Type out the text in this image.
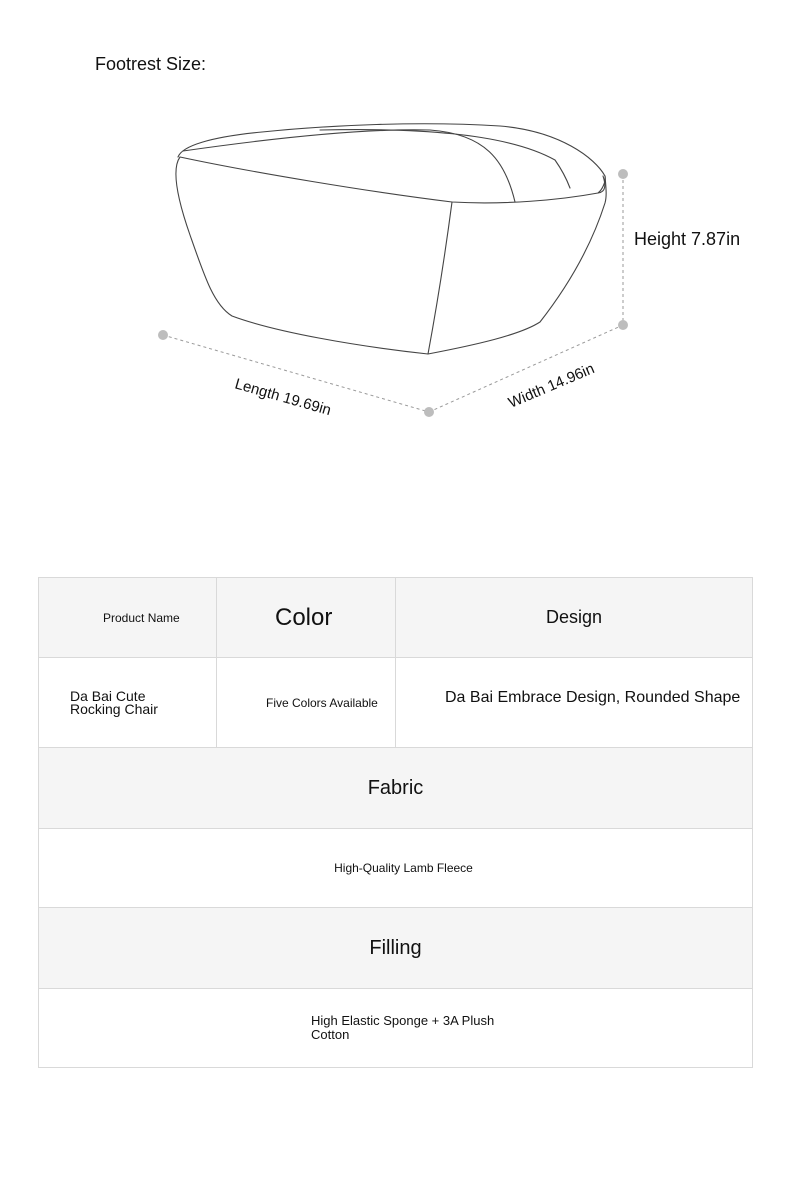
Footrest Size:
Height 7.87in
Length 19.69in	Width 14.96in
Product Name	Color	Design
Da Bai Cute Rocking Chair	Five Colors Available	Da Bai Embrace Design, Rounded Shape
Fabric		
High-Quality Lamb Fleece		
Filling		
High Elastic Sponge + 3A Plush Cotton		
